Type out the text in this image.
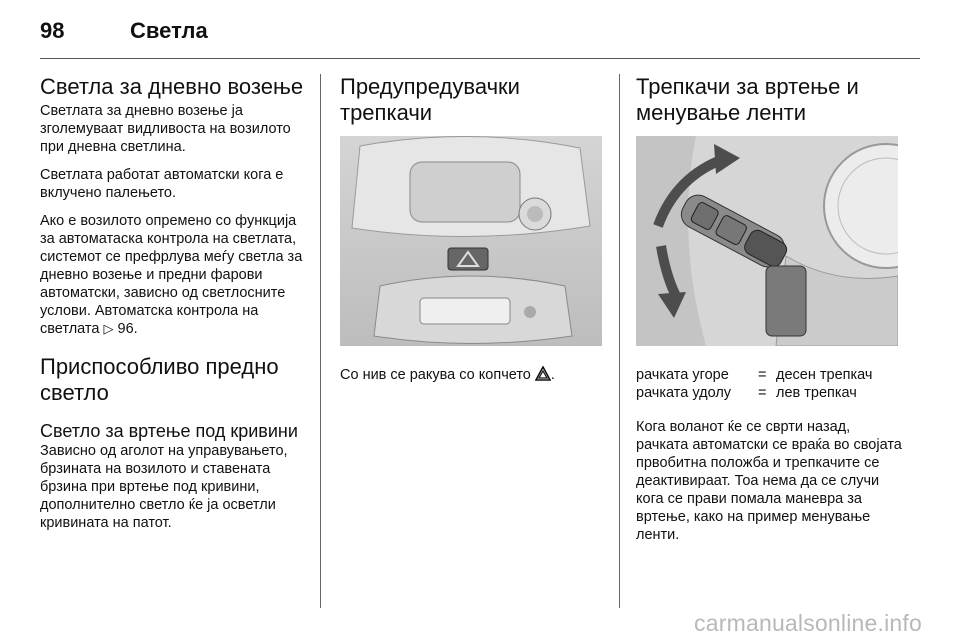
98	Светла
Светла за дневно возење

Светлата за дневно возење ја зголемуваат видливоста на возилото при дневна светлина.

Светлата работат автоматски кога е вклучено палењето.

Ако е возилото опремено со функција за автоматаска контрола на светлата, системот се префрлува меѓу светла за дневно возење и предни фарови автоматски, зависно од светлосните услови. Автоматска контрола на светлата ▷ 96.

Приспособливо предно светло
Светло за вртење под кривини

Зависно од аголот на управувањето, брзината на возилото и ставената брзина при вртење под кривини, дополнително светло ќе ја осветли кривината на патот.

Предупредувачки трепкачи

Со нив се ракува со копчето .

Трепкачи за вртење и менување ленти
рачката угоре	=	десен трепкач
рачката удолу	=	лев трепкач

Кога воланот ќе се сврти назад, рачката автоматски се враќа во својата првобитна положба и трепкачите се деактивираат. Тоа нема да се случи кога се прави помала маневра за вртење, како на пример менување ленти.

carmanualsonline.info
